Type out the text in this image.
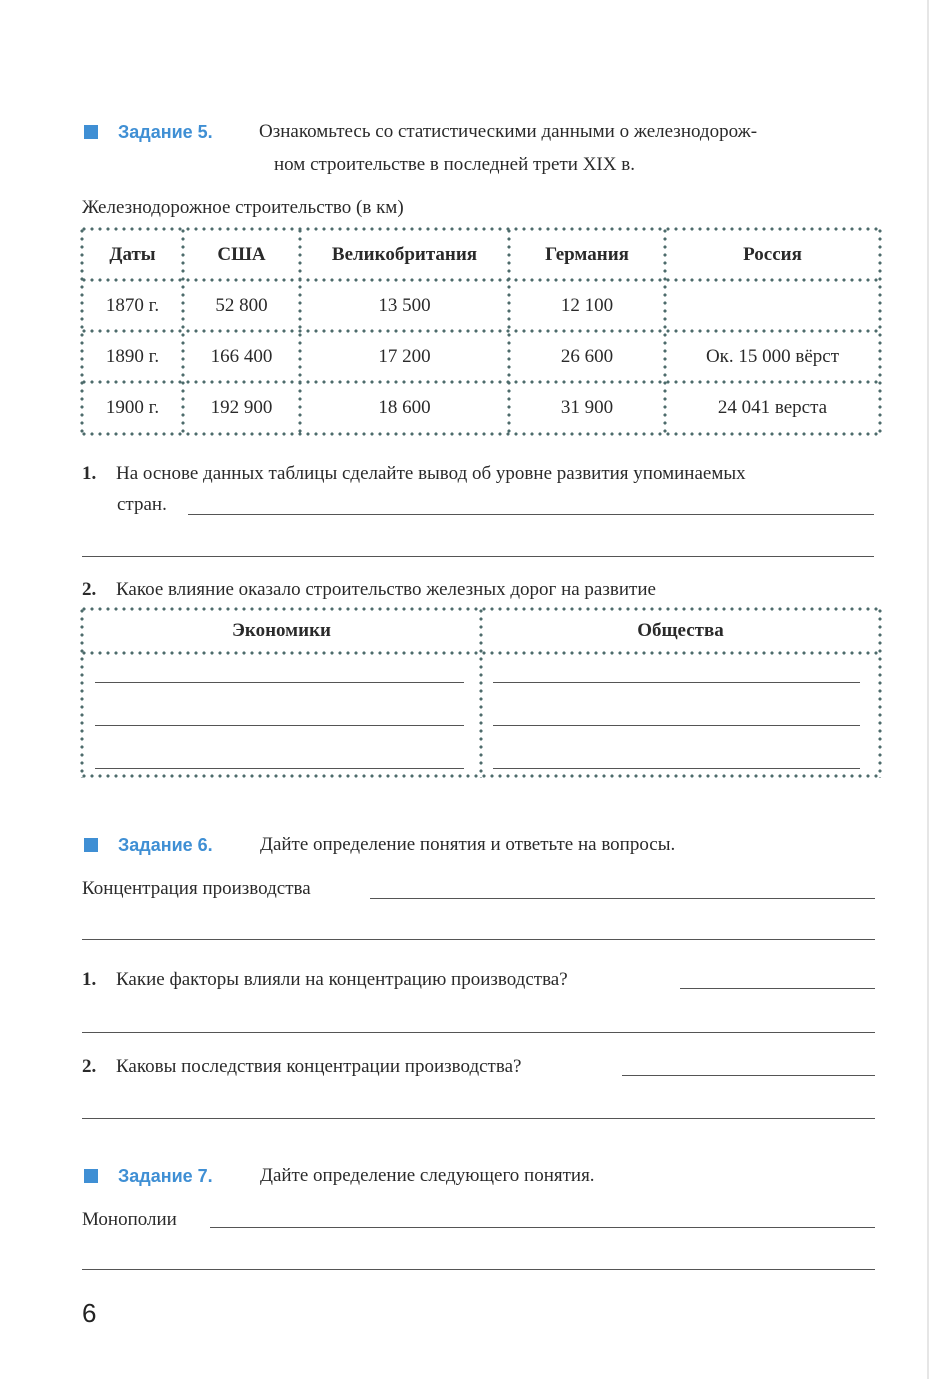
Задание 5. Ознакомьтесь со статистическими данными о железнодорож-
ном строительстве в последней трети XIX в.
Железнодорожное строительство (в км)
Даты	США	Великобритания	Германия	Россия
1870 г.	52 800	13 500	12 100
1890 г.	166 400	17 200	26 600	Ок. 15 000 вёрст
1900 г.	192 900	18 600	31 900	24 041 верста
1. На основе данных таблицы сделайте вывод об уровне развития упоминаемых
стран.
2. Какое влияние оказало строительство железных дорог на развитие
Экономики	Общества
Задание 6. Дайте определение понятия и ответьте на вопросы.
Концентрация производства
1. Какие факторы влияли на концентрацию производства?
2. Каковы последствия концентрации производства?
Задание 7. Дайте определение следующего понятия.
Монополии
6
